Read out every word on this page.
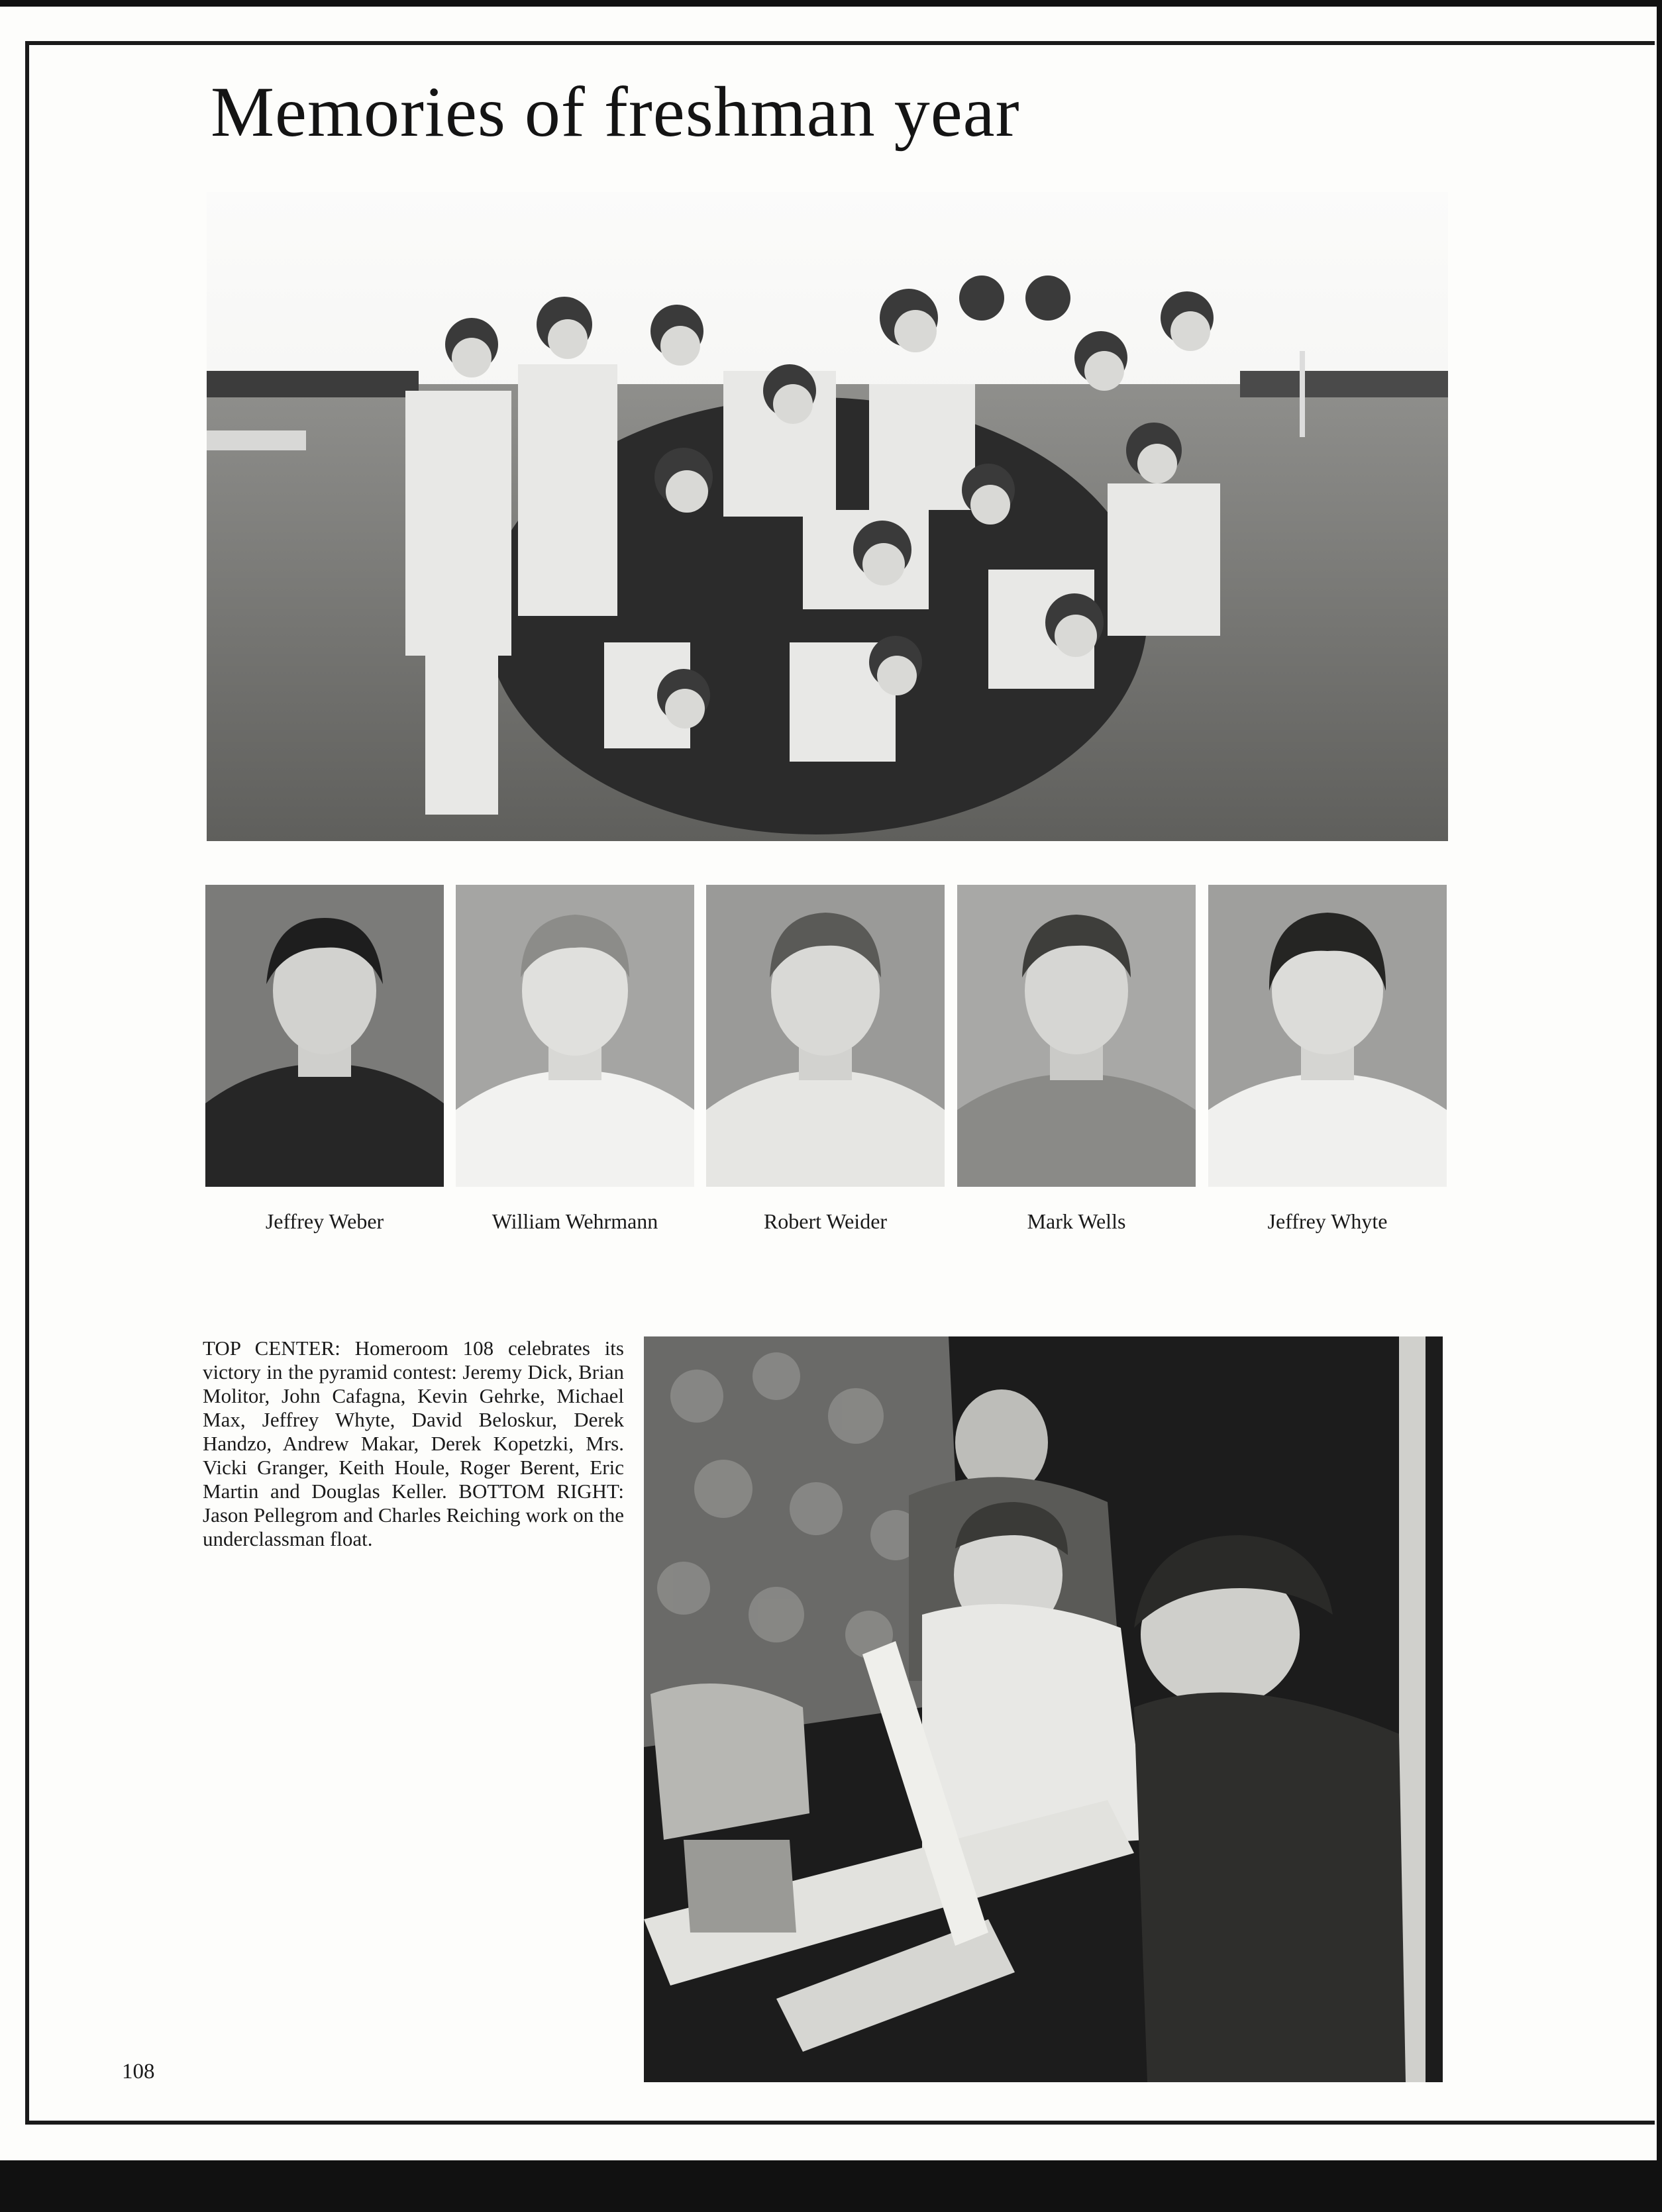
Memories of freshman year
Jeffrey Weber	William Wehrmann	Robert Weider	Mark Wells	Jeffrey Whyte

TOP CENTER: Homeroom 108 celebrates its victory in the pyramid contest: Jeremy Dick, Brian Molitor, John Cafagna, Kevin Gehrke, Michael Max, Jeffrey Whyte, David Beloskur, Derek Handzo, Andrew Makar, Derek Kopetzki, Mrs. Vicki Granger, Keith Houle, Roger Berent, Eric Martin and Douglas Keller. BOTTOM RIGHT: Jason Pellegrom and Charles Reiching work on the underclassman float.

108
